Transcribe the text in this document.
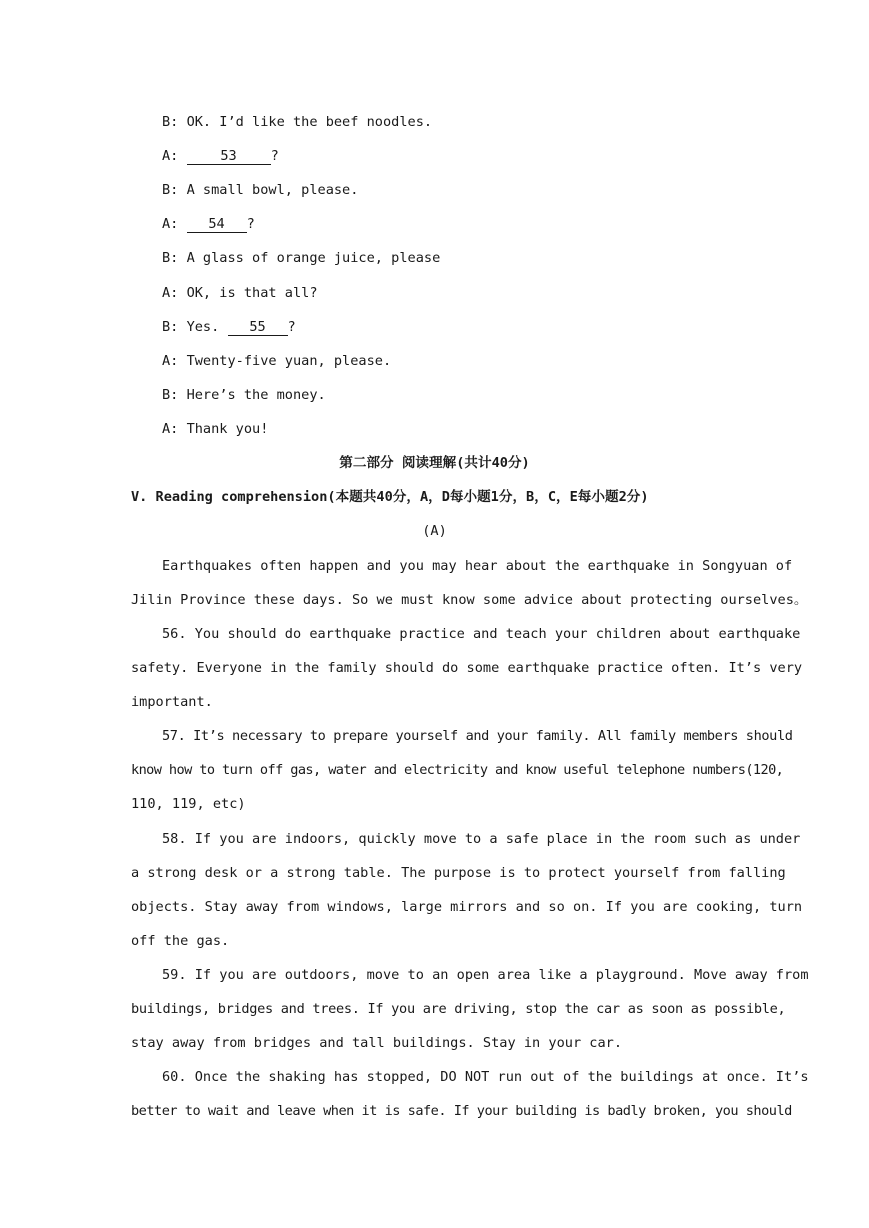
B: OK. I’d like the beef noodles.
A:	53 ?
B: A small bowl, please.
A: 54 ?
B: A glass of orange juice, please
A: OK, is that all?
B: Yes. 55 ?
A: Twenty-five yuan, please.
B: Here’s the money.
A: Thank you!
第二部分 阅读理解(共计40分)
V. Reading comprehension(本题共40分，A，D每小题1分，B，C，E每小题2分)
(A)
Earthquakes often happen and you may hear about the earthquake in Songyuan of
Jilin Province these days. So we must know some advice about protecting ourselves。
56. You should do earthquake practice and teach your children about earthquake
safety. Everyone in the family should do some earthquake practice often. It’s very
important.
57. It’s necessary to prepare yourself and your family. All family members should
know how to turn off gas, water and electricity and know useful telephone numbers(120,
110, 119, etc)
58. If you are indoors, quickly move to a safe place in the room such as under
a strong desk or a strong table. The purpose is to protect yourself from falling
objects. Stay away from windows, large mirrors and so on. If you are cooking, turn
off the gas.
59. If you are outdoors, move to an open area like a playground. Move away from
buildings, bridges and trees. If you are driving, stop the car as soon as possible,
stay away from bridges and tall buildings. Stay in your car.
60. Once the shaking has stopped, DO NOT run out of the buildings at once. It’s
better to wait and leave when it is safe. If your building is badly broken, you should
